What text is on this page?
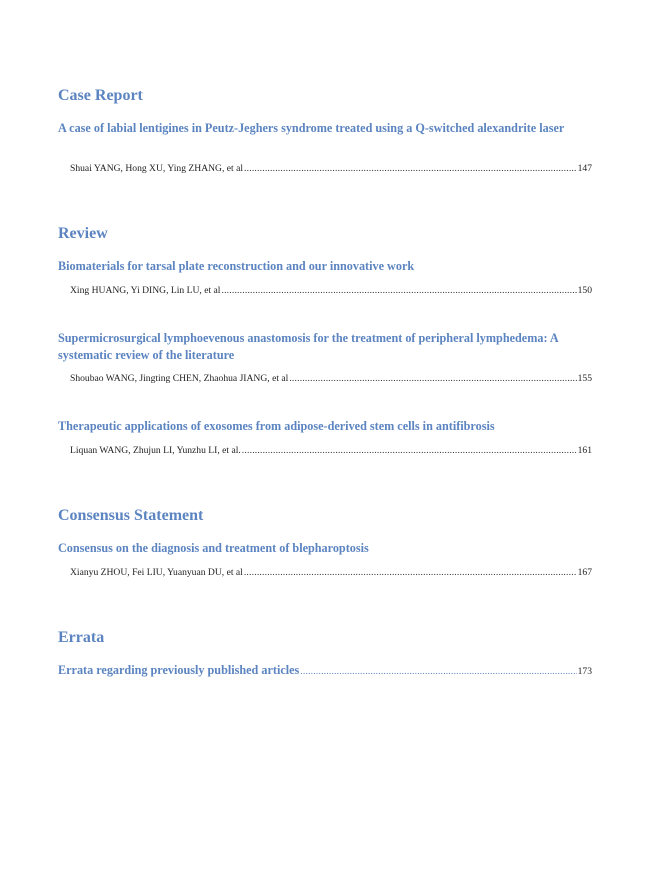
Case Report

A case of labial lentigines in Peutz-Jeghers syndrome treated using a Q-switched alexandrite laser

Shuai YANG, Hong XU, Ying ZHANG, et al .....	147
Review

Biomaterials for tarsal plate reconstruction and our innovative work

Xing HUANG, Yi DING, Lin LU, et al .....	150

Supermicrosurgical lymphoevenous anastomosis for the treatment of peripheral lymphedema: A systematic review of the literature

Shoubao WANG, Jingting CHEN, Zhaohua JIANG, et al .....	155

Therapeutic applications of exosomes from adipose-derived stem cells in antifibrosis

Liquan WANG, Zhujun LI, Yunzhu LI, et al. .....	161
Consensus Statement

Consensus on the diagnosis and treatment of blepharoptosis

Xianyu ZHOU, Fei LIU, Yuanyuan DU, et al .....	167
Errata

Errata regarding previously published articles .....	173
